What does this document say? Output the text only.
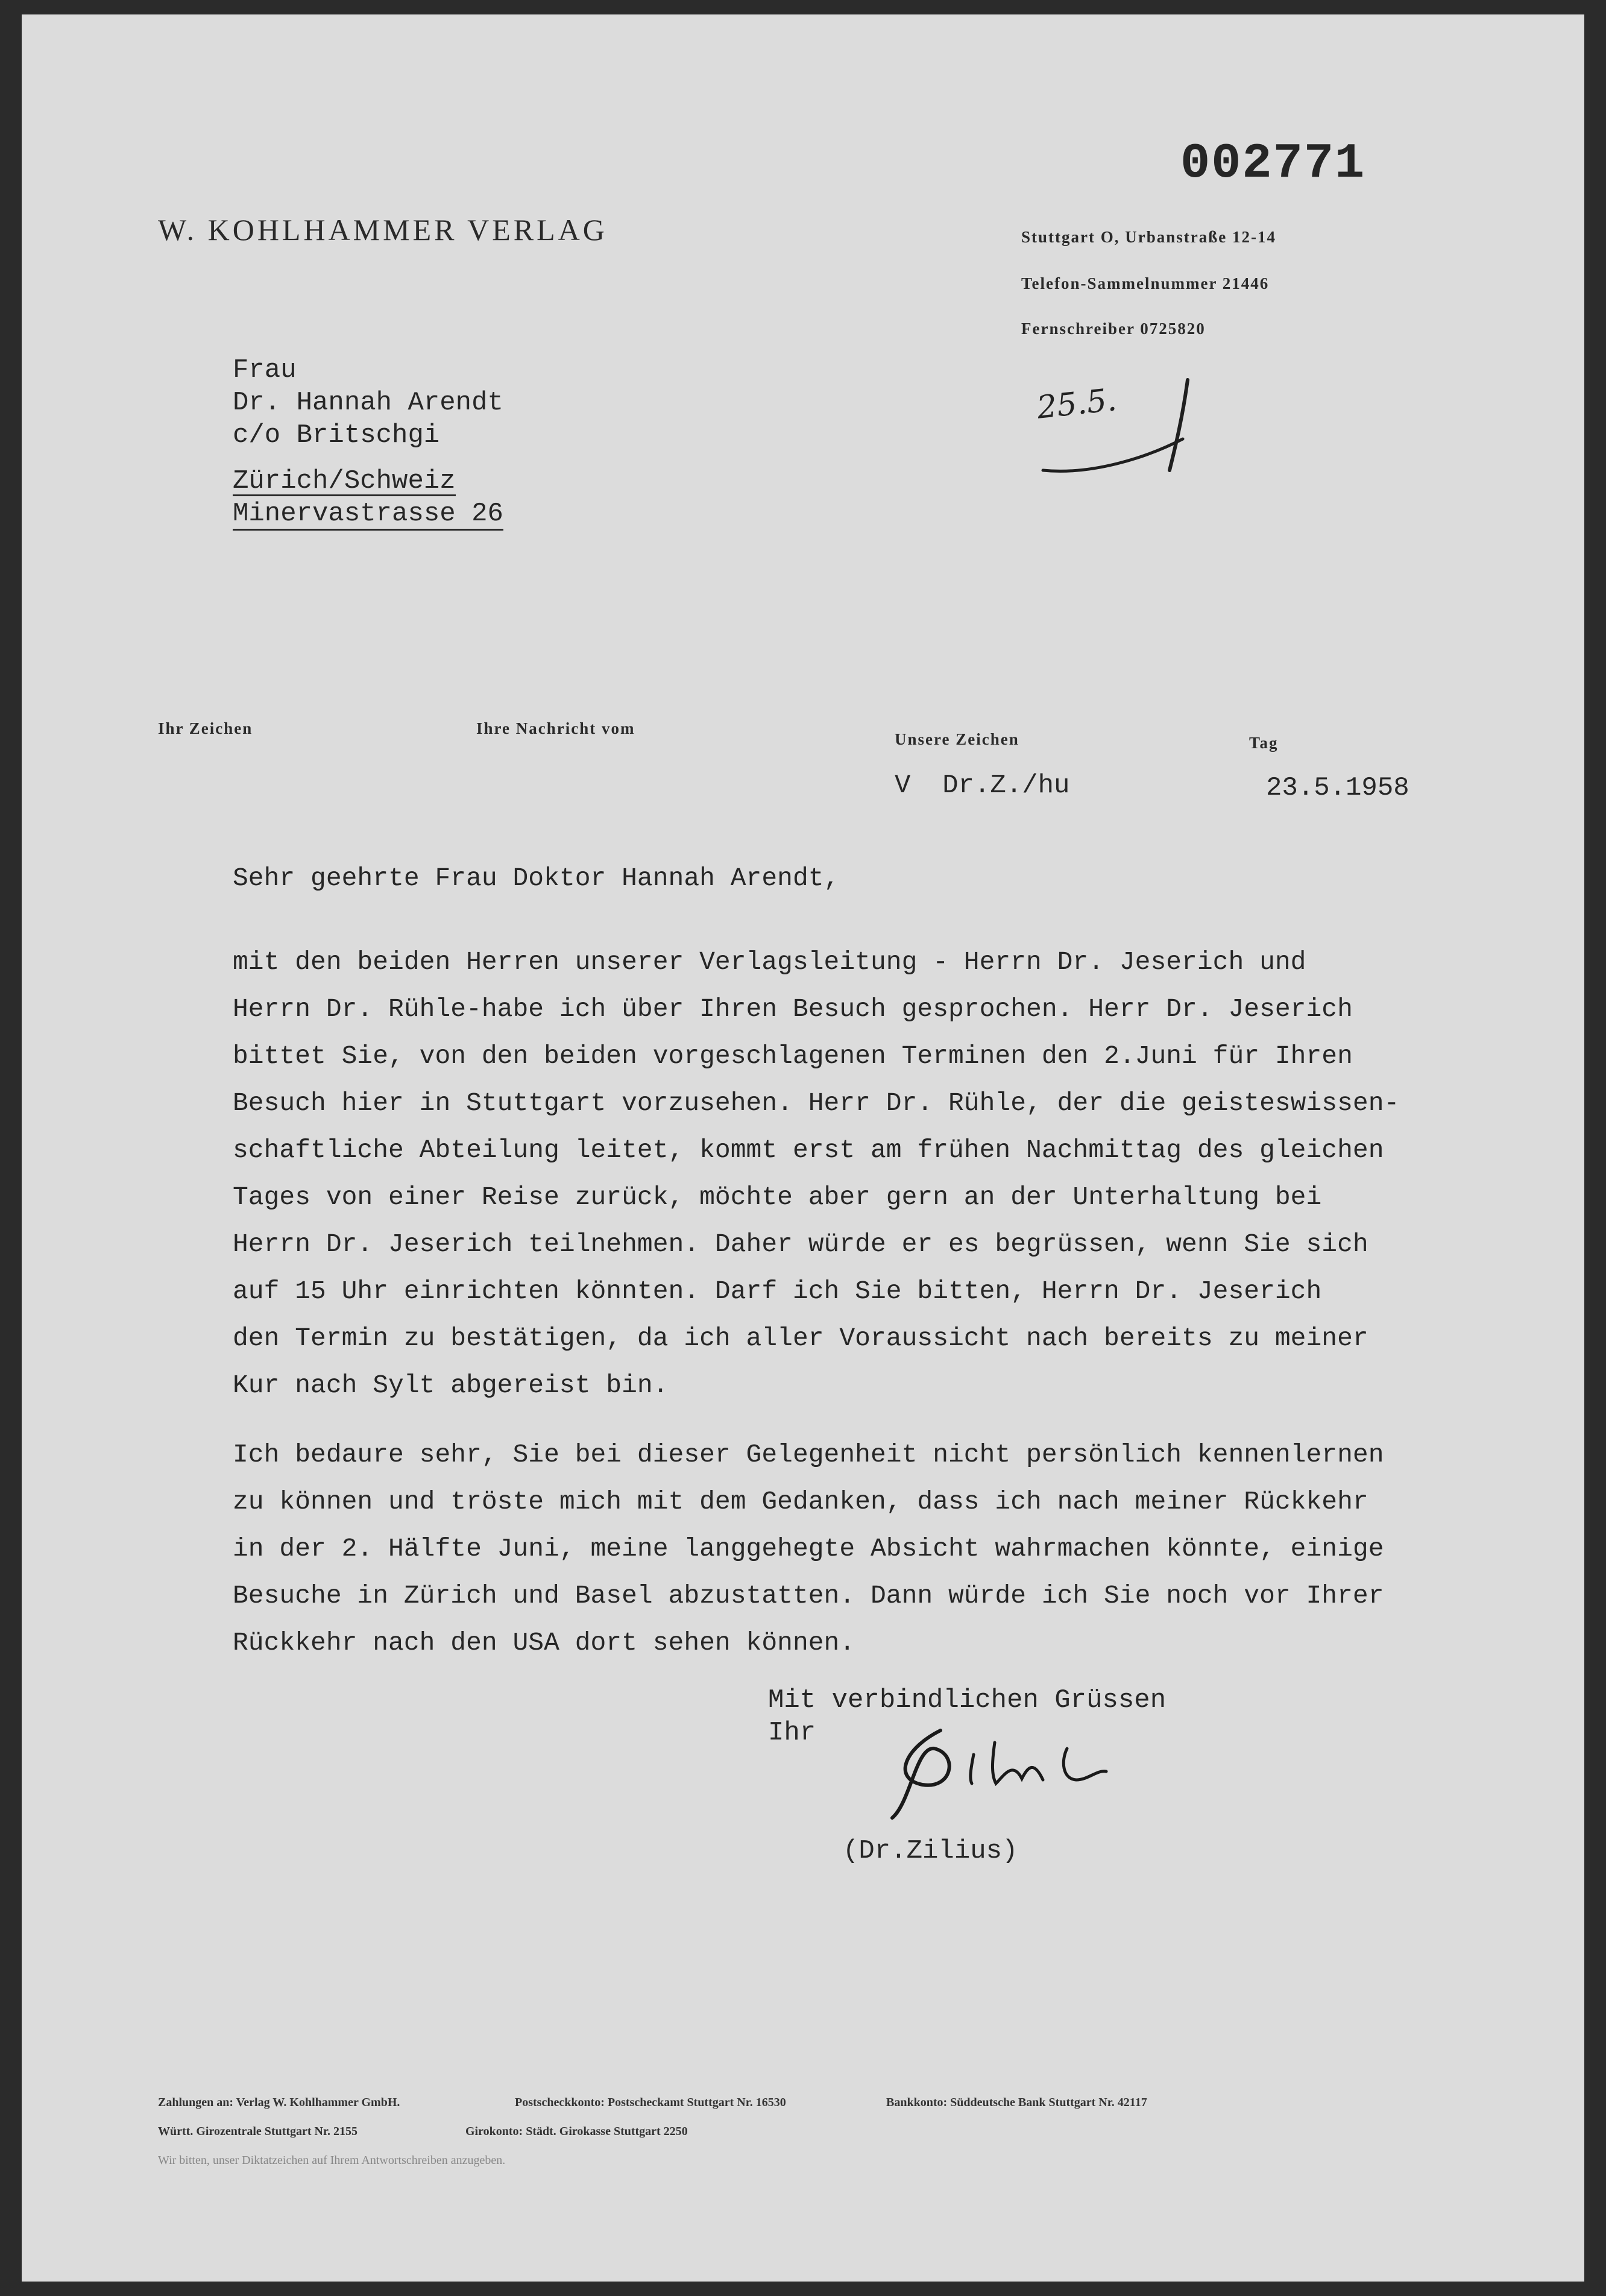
002771
W. KOHLHAMMER VERLAG	Stuttgart O, Urbanstraße 12-14
Telefon-Sammelnummer 21446
Fernschreiber 0725820
25.5.
Frau
Dr. Hannah Arendt
c/o Britschgi
Zürich/Schweiz
Minervastrasse 26
Ihr Zeichen	Ihre Nachricht vom
Unsere Zeichen	Tag
V  Dr.Z./hu	23.5.1958
Sehr geehrte Frau Doktor Hannah Arendt,
mit den beiden Herren unserer Verlagsleitung - Herrn Dr. Jeserich und
Herrn Dr. Rühle-habe ich über Ihren Besuch gesprochen. Herr Dr. Jeserich
bittet Sie, von den beiden vorgeschlagenen Terminen den 2.Juni für Ihren
Besuch hier in Stuttgart vorzusehen. Herr Dr. Rühle, der die geisteswissen-
schaftliche Abteilung leitet, kommt erst am frühen Nachmittag des gleichen
Tages von einer Reise zurück, möchte aber gern an der Unterhaltung bei
Herrn Dr. Jeserich teilnehmen. Daher würde er es begrüssen, wenn Sie sich
auf 15 Uhr einrichten könnten. Darf ich Sie bitten, Herrn Dr. Jeserich
den Termin zu bestätigen, da ich aller Voraussicht nach bereits zu meiner
Kur nach Sylt abgereist bin.
Ich bedaure sehr, Sie bei dieser Gelegenheit nicht persönlich kennenlernen
zu können und tröste mich mit dem Gedanken, dass ich nach meiner Rückkehr
in der 2. Hälfte Juni, meine langgehegte Absicht wahrmachen könnte, einige
Besuche in Zürich und Basel abzustatten. Dann würde ich Sie noch vor Ihrer
Rückkehr nach den USA dort sehen können.
Mit verbindlichen Grüssen
Ihr
(Dr.Zilius)
Zahlungen an: Verlag W. Kohlhammer GmbH.	Postscheckkonto: Postscheckamt Stuttgart Nr. 16530	Bankkonto: Süddeutsche Bank Stuttgart Nr. 42117
Württ. Girozentrale Stuttgart Nr. 2155	Girokonto: Städt. Girokasse Stuttgart 2250
Wir bitten, unser Diktatzeichen auf Ihrem Antwortschreiben anzugeben.
